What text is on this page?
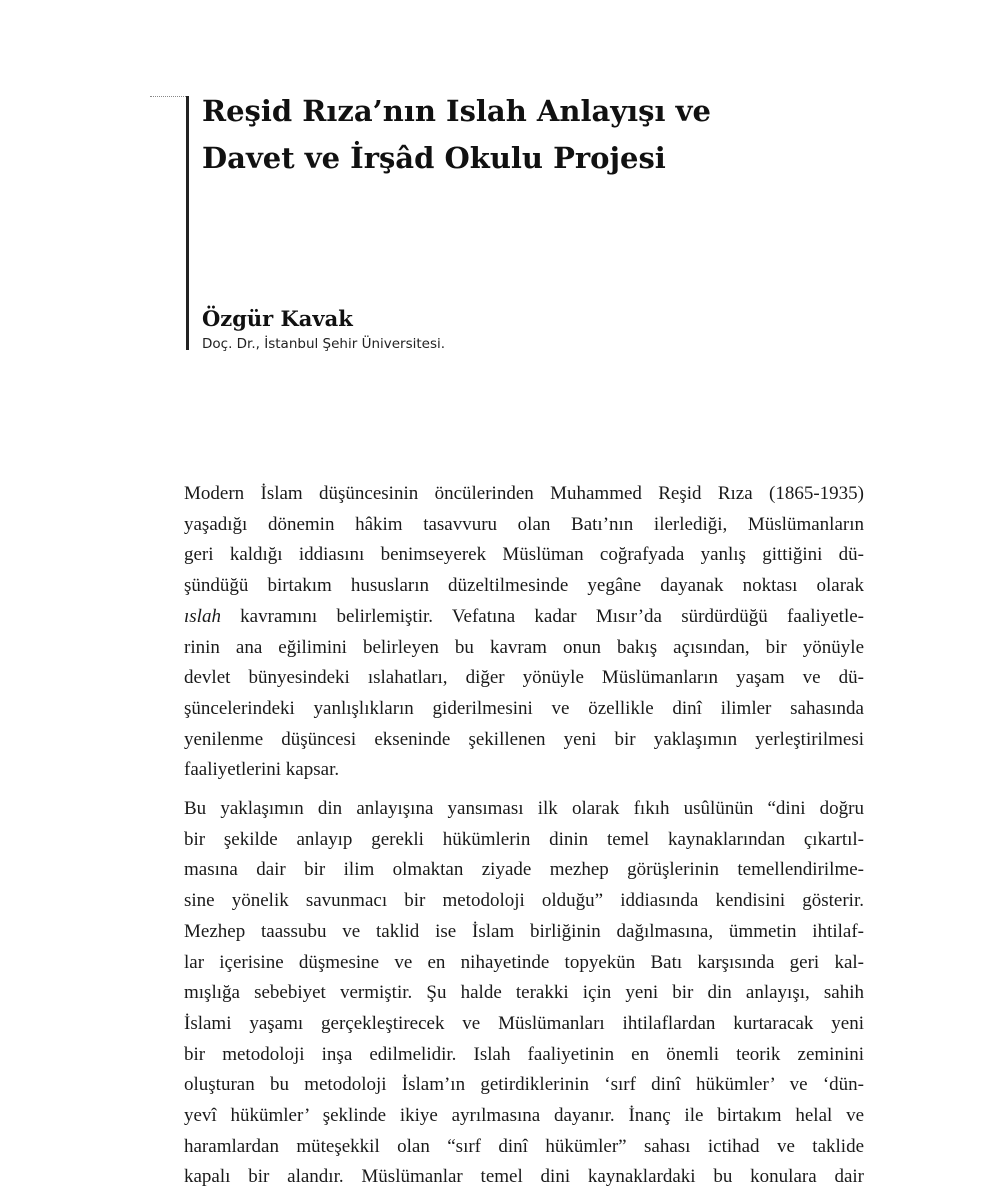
Reşid Rıza’nın Islah Anlayışı ve
Davet ve İrşâd Okulu Projesi
Özgür Kavak
Doç. Dr., İstanbul Şehir Üniversitesi.
Modern İslam düşüncesinin öncülerinden Muhammed Reşid Rıza (1865-1935)
yaşadığı dönemin hâkim tasavvuru olan Batı’nın ilerlediği, Müslümanların
geri kaldığı iddiasını benimseyerek Müslüman coğrafyada yanlış gittiğini dü-
şündüğü birtakım hususların düzeltilmesinde yegâne dayanak noktası olarak
ıslah kavramını belirlemiştir. Vefatına kadar Mısır’da sürdürdüğü faaliyetle-
rinin ana eğilimini belirleyen bu kavram onun bakış açısından, bir yönüyle
devlet bünyesindeki ıslahatları, diğer yönüyle Müslümanların yaşam ve dü-
şüncelerindeki yanlışlıkların giderilmesini ve özellikle dinî ilimler sahasında
yenilenme düşüncesi ekseninde şekillenen yeni bir yaklaşımın yerleştirilmesi
faaliyetlerini kapsar.
Bu yaklaşımın din anlayışına yansıması ilk olarak fıkıh usûlünün “dini doğru
bir şekilde anlayıp gerekli hükümlerin dinin temel kaynaklarından çıkartıl-
masına dair bir ilim olmaktan ziyade mezhep görüşlerinin temellendirilme-
sine yönelik savunmacı bir metodoloji olduğu” iddiasında kendisini gösterir.
Mezhep taassubu ve taklid ise İslam birliğinin dağılmasına, ümmetin ihtilaf-
lar içerisine düşmesine ve en nihayetinde topyekün Batı karşısında geri kal-
mışlığa sebebiyet vermiştir. Şu halde terakki için yeni bir din anlayışı, sahih
İslami yaşamı gerçekleştirecek ve Müslümanları ihtilaflardan kurtaracak yeni
bir metodoloji inşa edilmelidir. Islah faaliyetinin en önemli teorik zeminini
oluşturan bu metodoloji İslam’ın getirdiklerinin ‘sırf dinî hükümler’ ve ‘dün-
yevî hükümler’ şeklinde ikiye ayrılmasına dayanır. İnanç ile birtakım helal ve
haramlardan müteşekkil olan “sırf dinî hükümler” sahası ictihad ve taklide
kapalı bir alandır. Müslümanlar temel dini kaynaklardaki bu konulara dair
